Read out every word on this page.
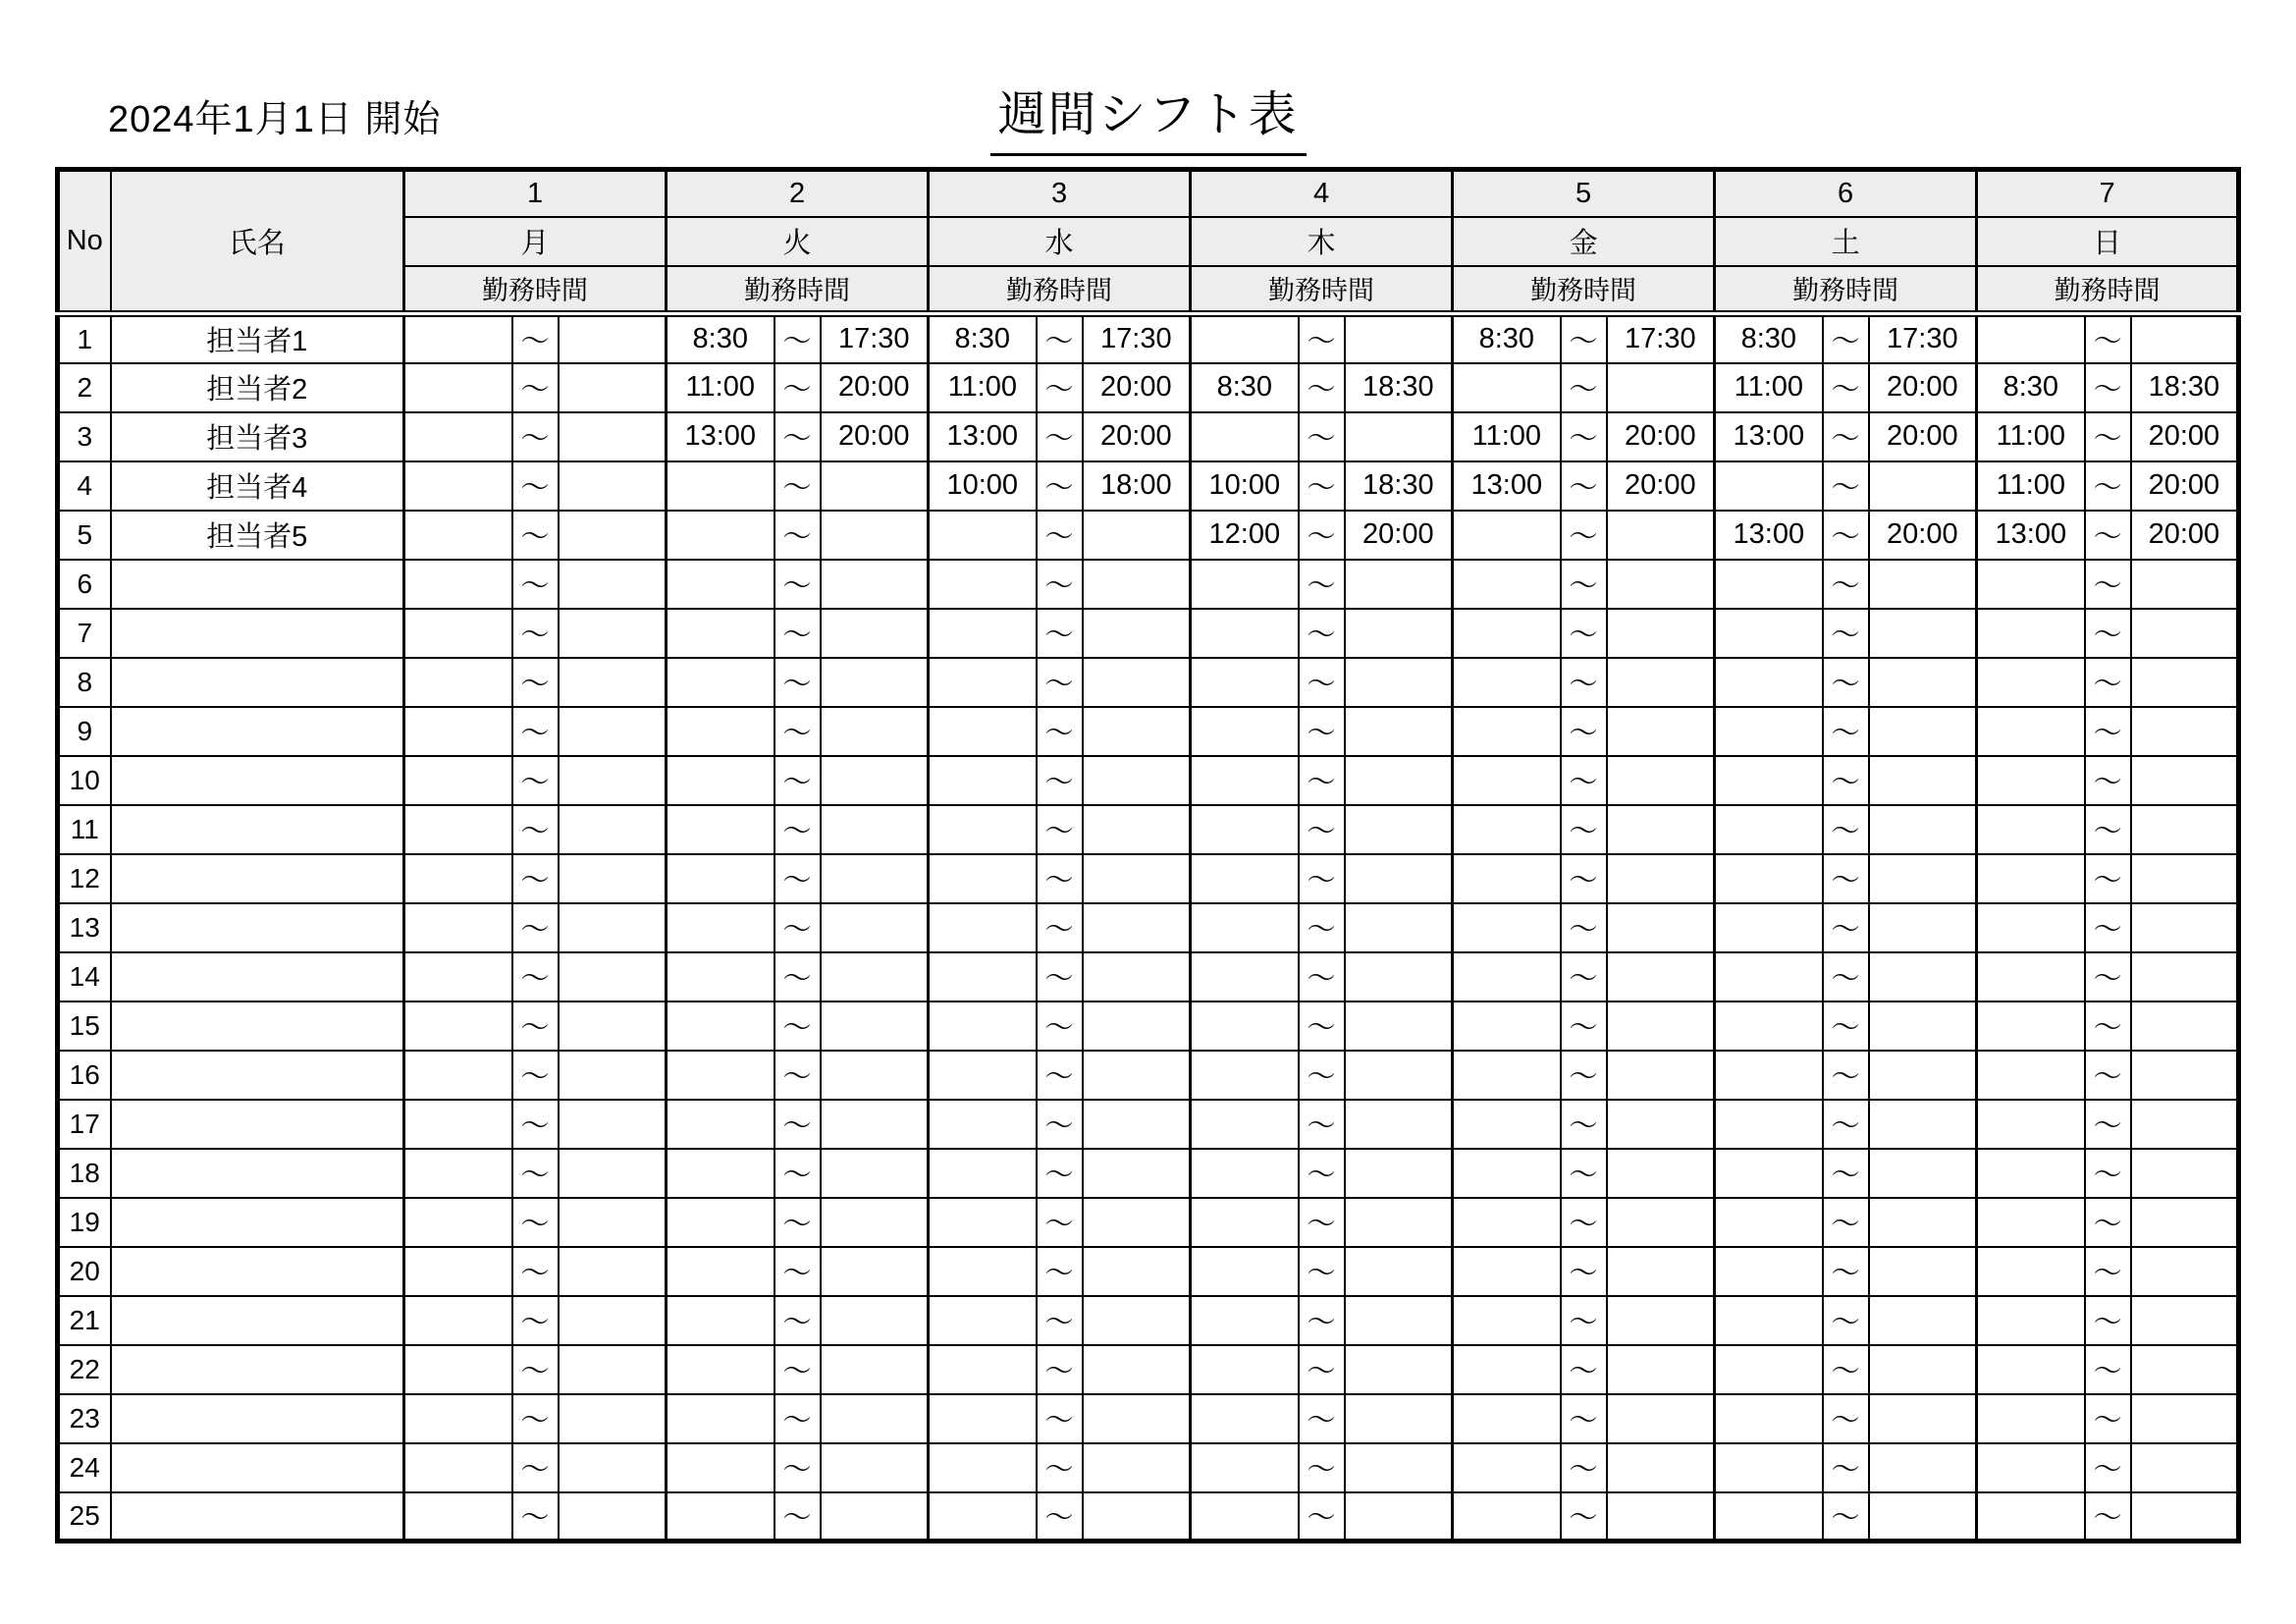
2024年1月1日 開始	週間シフト表
No	氏名	1			2			3			4			5			6			7		
		月			火			水			木			金			土			日		
		勤務時間			勤務時間			勤務時間			勤務時間			勤務時間			勤務時間			勤務時間		
1	担当者1		～		8:30	～	17:30	8:30	～	17:30		～		8:30	～	17:30	8:30	～	17:30		～	
2	担当者2		～		11:00	～	20:00	11:00	～	20:00	8:30	～	18:30		～		11:00	～	20:00	8:30	～	18:30
3	担当者3		～		13:00	～	20:00	13:00	～	20:00		～		11:00	～	20:00	13:00	～	20:00	11:00	～	20:00
4	担当者4		～			～		10:00	～	18:00	10:00	～	18:30	13:00	～	20:00		～		11:00	～	20:00
5	担当者5		～			～			～		12:00	～	20:00		～		13:00	～	20:00	13:00	～	20:00
6			～			～			～			～			～			～			～	
7			～			～			～			～			～			～			～	
8			～			～			～			～			～			～			～	
9			～			～			～			～			～			～			～	
10			～			～			～			～			～			～			～	
11			～			～			～			～			～			～			～	
12			～			～			～			～			～			～			～	
13			～			～			～			～			～			～			～	
14			～			～			～			～			～			～			～	
15			～			～			～			～			～			～			～	
16			～			～			～			～			～			～			～	
17			～			～			～			～			～			～			～	
18			～			～			～			～			～			～			～	
19			～			～			～			～			～			～			～	
20			～			～			～			～			～			～			～	
21			～			～			～			～			～			～			～	
22			～			～			～			～			～			～			～	
23			～			～			～			～			～			～			～	
24			～			～			～			～			～			～			～	
25			～			～			～			～			～			～			～	
